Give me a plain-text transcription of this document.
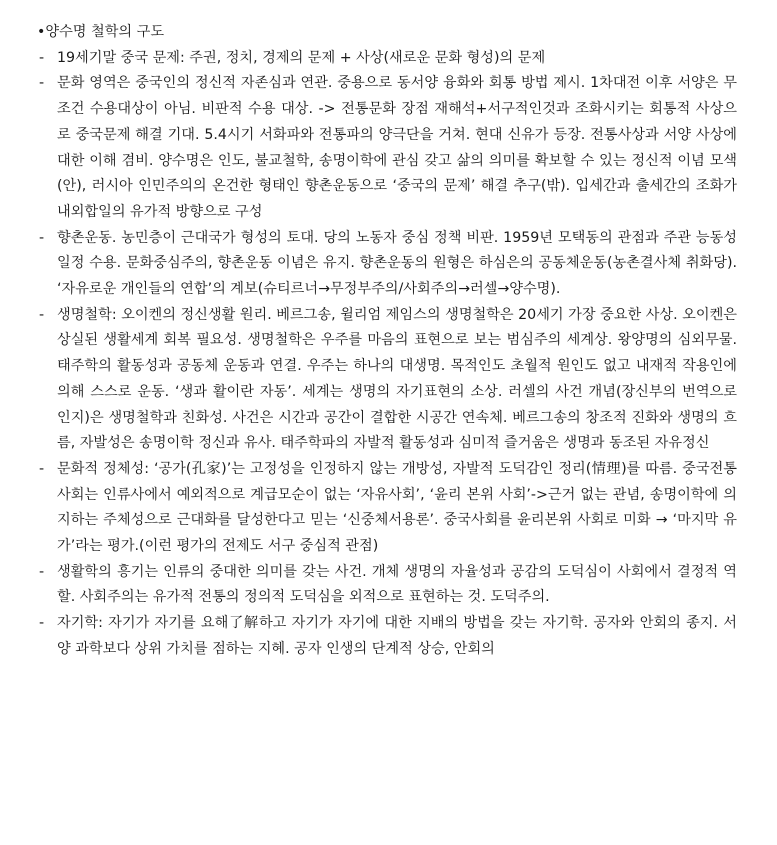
•양수명 철학의 구도
- 19세기말 중국 문제: 주권, 정치, 경제의 문제 + 사상(새로운 문화 형성)의 문제
- 문화 영역은 중국인의 정신적 자존심과 연관. 중용으로 동서양 융화와 회통 방법 제시. 1차대전 이후 서양은 무조건 수용대상이 아님. 비판적 수용 대상. -> 전통문화 장점 재해석+서구적인것과 조화시키는 회통적 사상으로 중국문제 해결 기대. 5.4시기 서화파와 전통파의 양극단을 거쳐. 현대 신유가 등장. 전통사상과 서양 사상에 대한 이해 겸비. 양수명은 인도, 불교철학, 송명이학에 관심 갖고 삶의 의미를 확보할 수 있는 정신적 이념 모색(안), 러시아 인민주의의 온건한 형태인 향촌운동으로 ‘중국의 문제’ 해결 추구(밖). 입세간과 출세간의 조화가 내외합일의 유가적 방향으로 구성
- 향촌운동. 농민층이 근대국가 형성의 토대. 당의 노동자 중심 정책 비판. 1959년 모택동의 관점과 주관 능동성 일정 수용. 문화중심주의, 향촌운동 이념은 유지. 향촌운동의 원형은 하심은의 공동체운동(농촌결사체 취화당). ‘자유로운 개인들의 연합’의 계보(슈티르너→무정부주의/사회주의→러셀→양수명).
- 생명철학: 오이켄의 정신생활 원리. 베르그송, 윌리엄 제임스의 생명철학은 20세기 가장 중요한 사상. 오이켄은 상실된 생활세계 회복 필요성. 생명철학은 우주를 마음의 표현으로 보는 범심주의 세계상. 왕양명의 심외무물. 태주학의 활동성과 공동체 운동과 연결. 우주는 하나의 대생명. 목적인도 초월적 원인도 없고 내재적 작용인에 의해 스스로 운동. ‘생과 활이란 자동’. 세계는 생명의 자기표현의 소상. 러셀의 사건 개념(장신부의 번역으로 인지)은 생명철학과 친화성. 사건은 시간과 공간이 결합한 시공간 연속체. 베르그송의 창조적 진화와 생명의 흐름, 자발성은 송명이학 정신과 유사. 태주학파의 자발적 활동성과 심미적 즐거움은 생명과 동조된 자유정신
- 문화적 정체성: ‘공가(孔家)’는 고정성을 인정하지 않는 개방성, 자발적 도덕감인 정리(情理)를 따름. 중국전통사회는 인류사에서 예외적으로 계급모순이 없는 ‘자유사회’, ‘윤리 본위 사회’->근거 없는 관념, 송명이학에 의지하는 주체성으로 근대화를 달성한다고 믿는 ‘신중체서용론’. 중국사회를 윤리본위 사회로 미화 → ‘마지막 유가’라는 평가.(이런 평가의 전제도 서구 중심적 관점)
- 생활학의 흥기는 인류의 중대한 의미를 갖는 사건. 개체 생명의 자율성과 공감의 도덕심이 사회에서 결정적 역할. 사회주의는 유가적 전통의 정의적 도덕심을 외적으로 표현하는 것. 도덕주의.
- 자기학: 자기가 자기를 요해了解하고 자기가 자기에 대한 지배의 방법을 갖는 자기학. 공자와 안회의 종지. 서양 과학보다 상위 가치를 점하는 지혜. 공자 인생의 단계적 상승, 안회의
